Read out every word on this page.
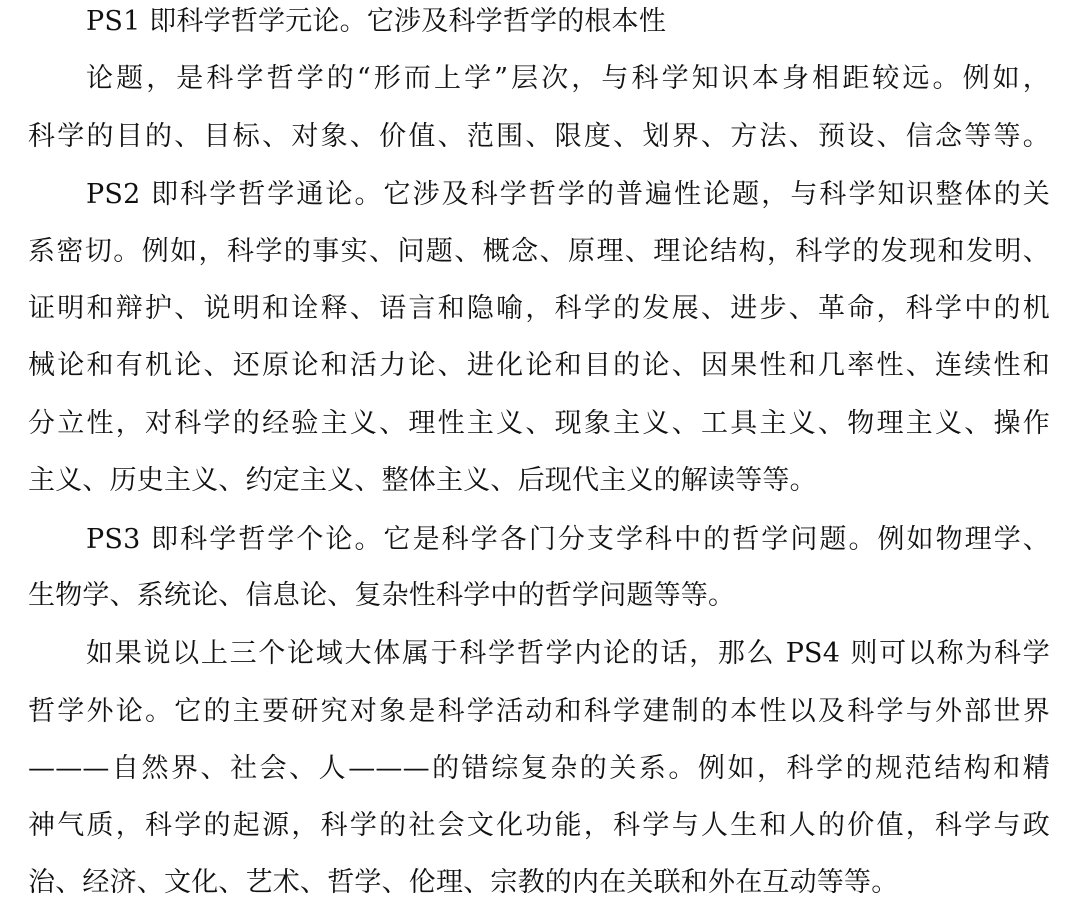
PS1 即科学哲学元论。它涉及科学哲学的根本性
论题，是科学哲学的“形而上学”层次，与科学知识本身相距较远。例如，
科学的目的、目标、对象、价值、范围、限度、划界、方法、预设、信念等等。
PS2 即科学哲学通论。它涉及科学哲学的普遍性论题，与科学知识整体的关
系密切。例如，科学的事实、问题、概念、原理、理论结构，科学的发现和发明、
证明和辩护、说明和诠释、语言和隐喻，科学的发展、进步、革命，科学中的机
械论和有机论、还原论和活力论、进化论和目的论、因果性和几率性、连续性和
分立性，对科学的经验主义、理性主义、现象主义、工具主义、物理主义、操作
主义、历史主义、约定主义、整体主义、后现代主义的解读等等。
PS3 即科学哲学个论。它是科学各门分支学科中的哲学问题。例如物理学、
生物学、系统论、信息论、复杂性科学中的哲学问题等等。
如果说以上三个论域大体属于科学哲学内论的话，那么 PS4 则可以称为科学
哲学外论。它的主要研究对象是科学活动和科学建制的本性以及科学与外部世界
———自然界、社会、人———的错综复杂的关系。例如，科学的规范结构和精
神气质，科学的起源，科学的社会文化功能，科学与人生和人的价值，科学与政
治、经济、文化、艺术、哲学、伦理、宗教的内在关联和外在互动等等。
